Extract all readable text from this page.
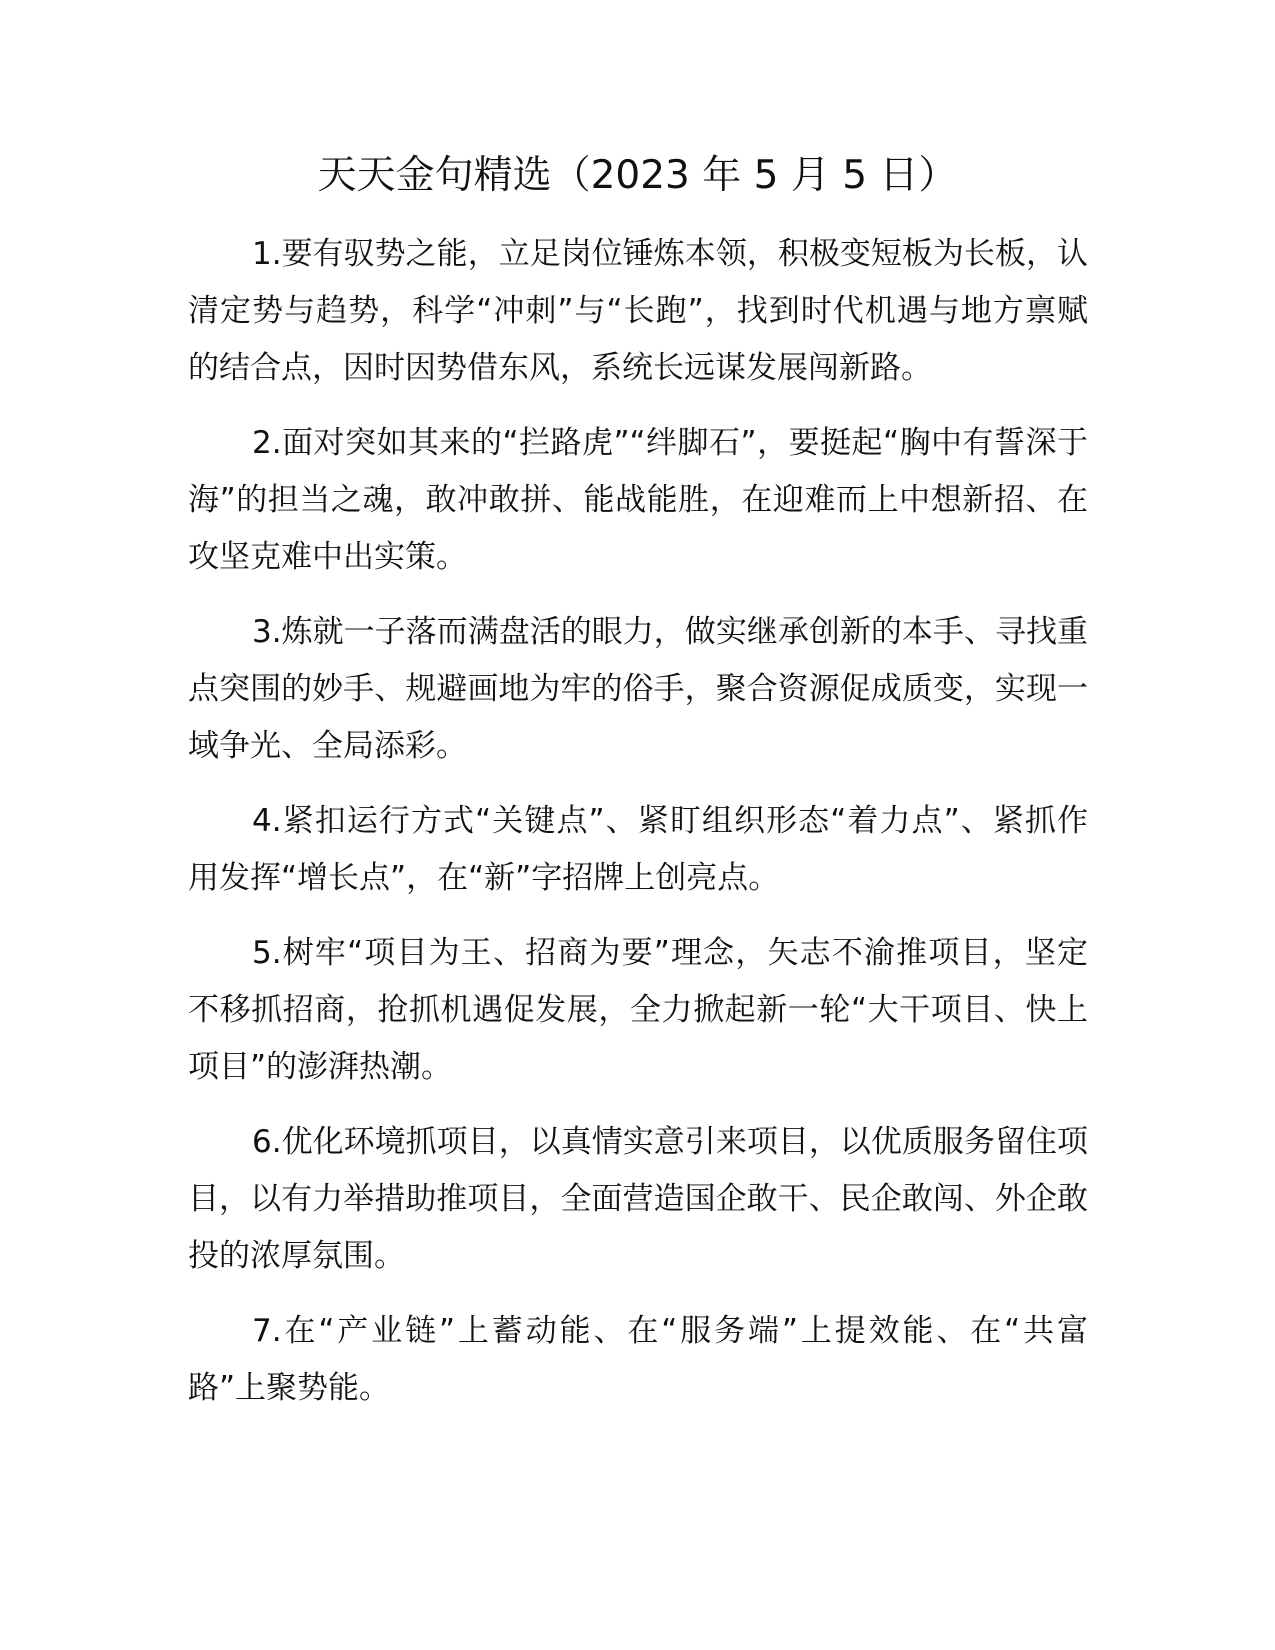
天天金句精选（2023 年 5 月 5 日）

1.要有驭势之能，立足岗位锤炼本领，积极变短板为长板，认清定势与趋势，科学“冲刺”与“长跑”，找到时代机遇与地方禀赋的结合点，因时因势借东风，系统长远谋发展闯新路。

2.面对突如其来的“拦路虎”“绊脚石”，要挺起“胸中有誓深于海”的担当之魂，敢冲敢拼、能战能胜，在迎难而上中想新招、在攻坚克难中出实策。

3.炼就一子落而满盘活的眼力，做实继承创新的本手、寻找重点突围的妙手、规避画地为牢的俗手，聚合资源促成质变，实现一域争光、全局添彩。

4.紧扣运行方式“关键点”、紧盯组织形态“着力点”、紧抓作用发挥“增长点”，在“新”字招牌上创亮点。

5.树牢“项目为王、招商为要”理念，矢志不渝推项目，坚定不移抓招商，抢抓机遇促发展，全力掀起新一轮“大干项目、快上项目”的澎湃热潮。

6.优化环境抓项目，以真情实意引来项目，以优质服务留住项目，以有力举措助推项目，全面营造国企敢干、民企敢闯、外企敢投的浓厚氛围。

7.在“产业链”上蓄动能、在“服务端”上提效能、在“共富路”上聚势能。
